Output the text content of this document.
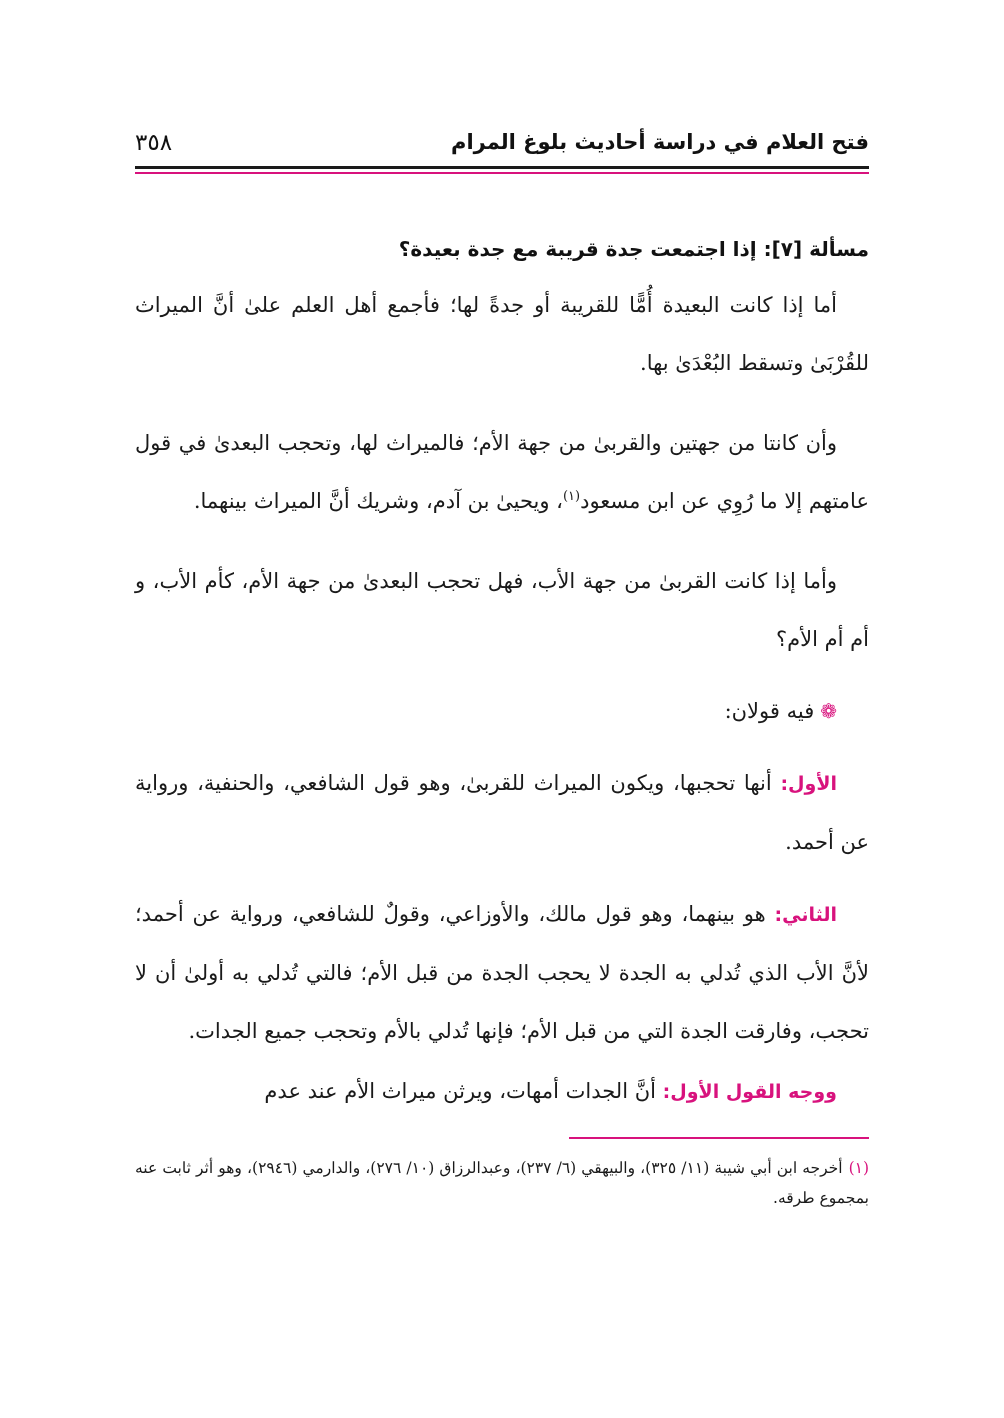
فتح العلام في دراسة أحاديث بلوغ المرام
٣٥٨
مسألة [٧]: إذا اجتمعت جدة قريبة مع جدة بعيدة؟

أما إذا كانت البعيدة أُمًّا للقريبة أو جدةً لها؛ فأجمع أهل العلم علىٰ أنَّ الميراث للقُرْبَىٰ وتسقط البُعْدَىٰ بها.

وأن كانتا من جهتين والقربىٰ من جهة الأم؛ فالميراث لها، وتحجب البعدىٰ في قول عامتهم إلا ما رُوِي عن ابن مسعود$^{(١)}$، ويحيىٰ بن آدم، وشريك أنَّ الميراث بينهما.

وأما إذا كانت القربىٰ من جهة الأب، فهل تحجب البعدىٰ من جهة الأم، كأم الأب، و أم أم الأم؟

❁فيه قولان:

الأول: أنها تحجبها، ويكون الميراث للقربىٰ، وهو قول الشافعي، والحنفية، ورواية عن أحمد.

الثاني: هو بينهما، وهو قول مالك، والأوزاعي، وقولٌ للشافعي، ورواية عن أحمد؛ لأنَّ الأب الذي تُدلي به الجدة لا يحجب الجدة من قبل الأم؛ فالتي تُدلي به أولىٰ أن لا تحجب، وفارقت الجدة التي من قبل الأم؛ فإنها تُدلي بالأم وتحجب جميع الجدات.

ووجه القول الأول: أنَّ الجدات أمهات، ويرثن ميراث الأم عند عدم

(١)أخرجه ابن أبي شيبة (١١/ ٣٢٥)، والبيهقي (٦/ ٢٣٧)، وعبدالرزاق (١٠/ ٢٧٦)، والدارمي (٢٩٤٦)، وهو أثر ثابت عنه بمجموع طرقه.
